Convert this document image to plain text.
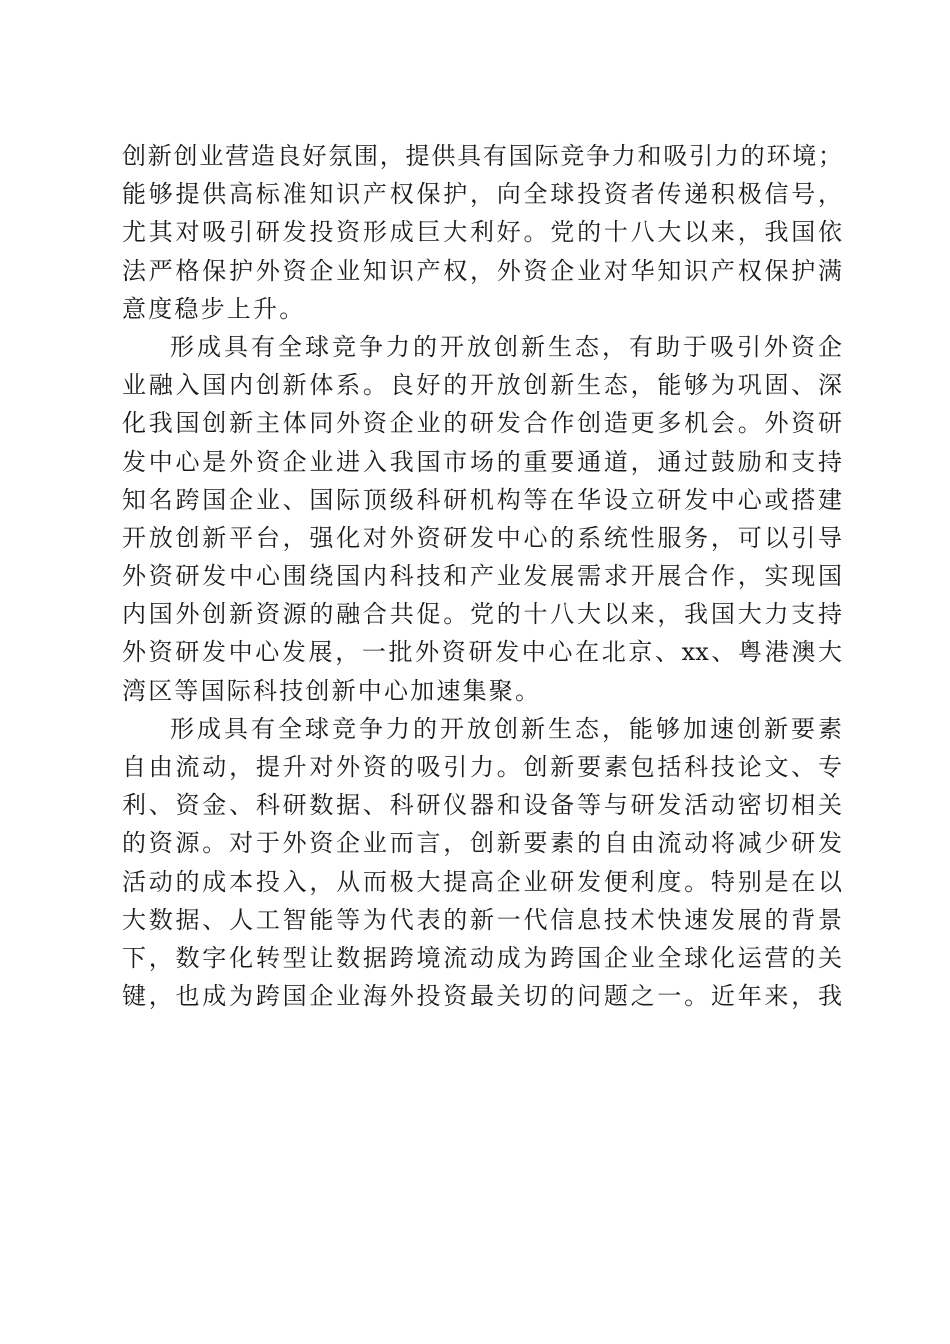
创新创业营造良好氛围，提供具有国际竞争力和吸引力的环境；
能够提供高标准知识产权保护，向全球投资者传递积极信号，
尤其对吸引研发投资形成巨大利好。党的十八大以来，我国依
法严格保护外资企业知识产权，外资企业对华知识产权保护满
意度稳步上升。
形成具有全球竞争力的开放创新生态，有助于吸引外资企
业融入国内创新体系。良好的开放创新生态，能够为巩固、深
化我国创新主体同外资企业的研发合作创造更多机会。外资研
发中心是外资企业进入我国市场的重要通道，通过鼓励和支持
知名跨国企业、国际顶级科研机构等在华设立研发中心或搭建
开放创新平台，强化对外资研发中心的系统性服务，可以引导
外资研发中心围绕国内科技和产业发展需求开展合作，实现国
内国外创新资源的融合共促。党的十八大以来，我国大力支持
外资研发中心发展，一批外资研发中心在北京、xx、粤港澳大
湾区等国际科技创新中心加速集聚。
形成具有全球竞争力的开放创新生态，能够加速创新要素
自由流动，提升对外资的吸引力。创新要素包括科技论文、专
利、资金、科研数据、科研仪器和设备等与研发活动密切相关
的资源。对于外资企业而言，创新要素的自由流动将减少研发
活动的成本投入，从而极大提高企业研发便利度。特别是在以
大数据、人工智能等为代表的新一代信息技术快速发展的背景
下，数字化转型让数据跨境流动成为跨国企业全球化运营的关
键，也成为跨国企业海外投资最关切的问题之一。近年来，我
